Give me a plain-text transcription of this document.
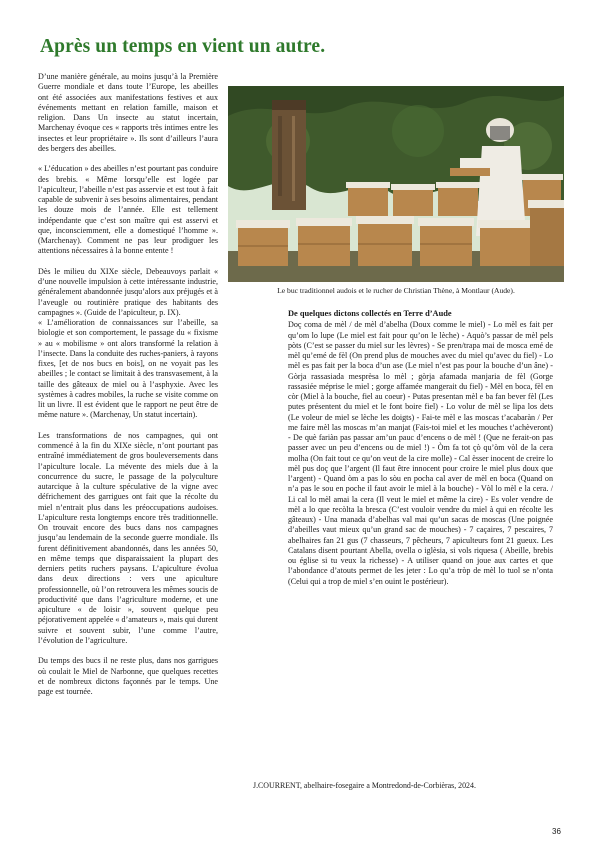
Après un temps en vient un autre.

D’une manière générale, au moins jusqu’à la Première Guerre mondiale et dans toute l’Europe, les abeilles ont été associées aux manifestations festives et aux événements mettant en relation famille, maison et religion. Dans Un insecte au statut incertain, Marchenay évoque ces « rapports très intimes entre les insectes et leur propriétaire ». Ils sont d’ailleurs l’aura des bergers des abeilles.

« L’éducation » des abeilles n’est pourtant pas conduire des brebis. « Même lorsqu’elle est logée par l’apiculteur, l’abeille n’est pas asservie et est tout à fait capable de subvenir à ses besoins alimentaires, pendant les douze mois de l’année. Elle est tellement indépendante que c’est son maître qui est asservi et que, inconsciemment, elle a domestiqué l’homme ». (Marchenay). Comment ne pas leur prodiguer les attentions nécessaires à la bonne entente !

Dès le milieu du XIXe siècle, Debeauvoys parlait « d’une nouvelle impulsion à cette intéressante industrie, généralement abandonnée jusqu’alors aux préjugés et à l’aveugle ou routinière pratique des habitants des campagnes ». (Guide de l’apiculteur, p. IX).

« L’amélioration de connaissances sur l’abeille, sa biologie et son comportement, le passage du « fixisme » au « mobilisme » ont alors transformé la relation à l’insecte. Dans la conduite des ruches-paniers, à rayons fixes, [et de nos bucs en bois], on ne voyait pas les abeilles ; le contact se limitait à des transvasement, à la taille des gâteaux de miel ou à l’asphyxie. Avec les systèmes à cadres mobiles, la ruche se visite comme on lit un livre. Il est évident que le rapport ne peut être de même nature ». (Marchenay, Un statut incertain).

Les transformations de nos campagnes, qui ont commencé à la fin du XIXe siècle, n’ont pourtant pas entraîné immédiatement de gros bouleversements dans l’apiculture locale. La mévente des miels due à la concurrence du sucre, le passage de la polyculture autarcique à la culture spéculative de la vigne avec défrichement des garrigues ont fait que la récolte du miel n’entrait plus dans les préoccupations audoises. L’apiculture resta longtemps encore très traditionnelle. On trouvait encore des bucs dans nos campagnes jusqu’au lendemain de la seconde guerre mondiale. Ils furent définitivement abandonnés, dans les années 50, en même temps que disparaissaient la plupart des derniers petits ruchers paysans. L’apiculture évolua dans deux directions : vers une apiculture professionnelle, où l’on retrouvera les mêmes soucis de productivité que dans l’agriculture moderne, et une apiculture « de loisir », souvent quelque peu péjorativement appelée « d’amateurs », mais qui durent suivre et souvent subir, l’une comme l’autre, l’évolution de l’agriculture.

Du temps des bucs il ne reste plus, dans nos garrigues où coulait le Miel de Narbonne, que quelques recettes et de nombreux dictons façonnés par le temps. Une page est tournée.

Le buc traditionnel audois et le rucher de Christian Thène, à Montlaur (Aude).
De quelques dictons collectés en Terre d’Aude
Doç coma de mèl / de mèl d’abelha (Doux comme le miel) - Lo mèl es fait per qu’om lo lupe (Le miel est fait pour qu’on le lèche) - Aquò’s passar de mèl pels pòts (C’est se passer du miel sur les lèvres) - Se pren/trapa mai de mosca emé de mèl qu’emé de fèl (On prend plus de mouches avec du miel qu’avec du fiel) - Lo mèl es pas fait per la boca d’un ase (Le miel n’est pas pour la bouche d’un âne) - Gòrja rassasiada mesprèsa lo mèl ; gòrja afamada manjaria de fèl (Gorge rassasiée méprise le miel ; gorge affamée mangerait du fiel) - Mèl en boca, fèl en còr (Miel à la bouche, fiel au coeur) - Putas presentan mèl e ba fan bever fèl (Les putes présentent du miel et le font boire fiel) - Lo volur de mèl se lipa los dets (Le voleur de miel se lèche les doigts) - Fai-te mèl e las moscas t’acabaràn / Per me faire mèl las moscas m’an manjat (Fais-toi miel et les mouches t’achèveront) - De què fariàn pas passar am’un pauc d’encens o de mèl ! (Que ne ferait-on pas passer avec un peu d’encens ou de miel !) - Òm fa tot çò qu’òm vòl de la cera molha (On fait tout ce qu’on veut de la cire molle) - Cal èsser inocent de creire lo mèl pus doç que l’argent (Il faut être innocent pour croire le miel plus doux que l’argent) - Quand òm a pas lo sòu en pocha cal aver de mèl en boca (Quand on n’a pas le sou en poche il faut avoir le miel à la bouche) - Vòl lo mèl e la cera. / Li cal lo mèl amai la cera (Il veut le miel et même la cire) - Es voler vendre de mèl a lo que recòlta la bresca (C’est vouloir vendre du miel à qui en récolte les gâteaux) - Una manada d’abelhas val mai qu’un sacas de moscas (Une poignée d’abeilles vaut mieux qu’un grand sac de mouches) - 7 caçaires, 7 pescaires, 7 abelhaires fan 21 gus (7 chasseurs, 7 pêcheurs, 7 apiculteurs font 21 gueux. Les Catalans disent pourtant Abella, ovella o iglèsia, si vols riquesa ( Abeille, brebis ou église si tu veux la richesse) - A utiliser quand on joue aux cartes et que l’abondance d’atouts permet de les jeter : Lo qu’a tròp de mèl lo tuol se n’onta (Celui qui a trop de miel s’en ouint le postérieur).
J.COURRENT, abelhaire-fosegaire a Montredond-de-Corbièras, 2024.
36
